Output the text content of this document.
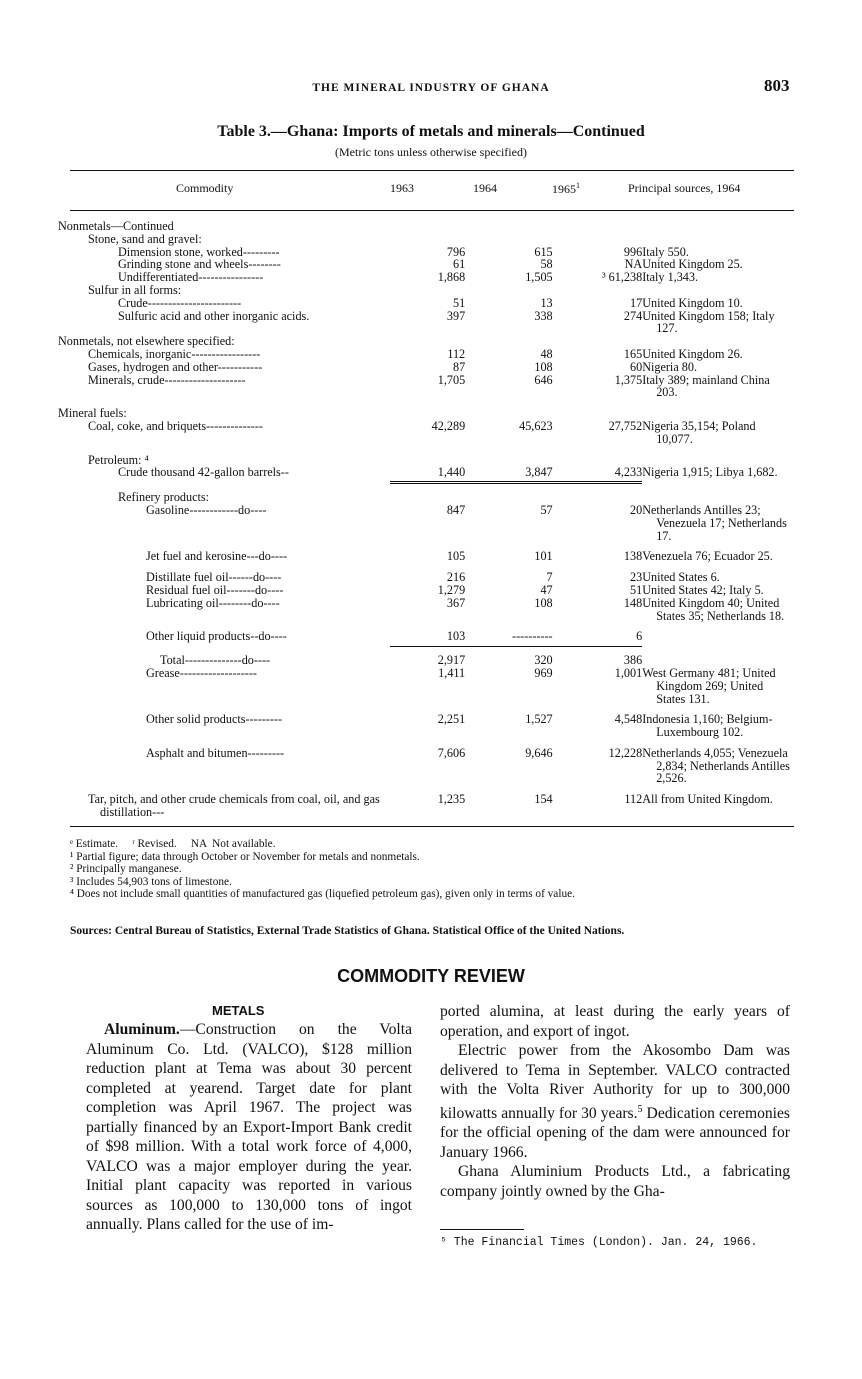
THE MINERAL INDUSTRY OF GHANA	803
Table 3.—Ghana: Imports of metals and minerals—Continued
(Metric tons unless otherwise specified)
Commodity	1963	1964	1965$^1$	Principal sources, 1964
Nonmetals—Continued				

Stone, sand and gravel:				

Dimension stone, worked---------	796	615	996	Italy 550.

Grinding stone and wheels--------	61	58	NA	United Kingdom 25.

Undifferentiated----------------	1,868	1,505	³ 61,238	Italy 1,343.

Sulfur in all forms:				

Crude-----------------------	51	13	17	United Kingdom 10.

Sulfuric acid and other inorganic acids.	397	338	274	United Kingdom 158; Italy 127.

Nonmetals, not elsewhere specified:				

Chemicals, inorganic-----------------	112	48	165	United Kingdom 26.

Gases, hydrogen and other-----------	87	108	60	Nigeria 80.

Minerals, crude--------------------	1,705	646	1,375	Italy 389; mainland China 203.

Mineral fuels:				

Coal, coke, and briquets--------------	42,289	45,623	27,752	Nigeria 35,154; Poland 10,077.

Petroleum: ⁴				

Crude thousand 42-gallon barrels--	1,440	3,847	4,233	Nigeria 1,915; Libya 1,682.

Refinery products:				

Gasoline------------do----	847	57	20	Netherlands Antilles 23; Venezuela 17; Netherlands 17.

Jet fuel and kerosine---do----	105	101	138	Venezuela 76; Ecuador 25.

Distillate fuel oil------do----	216	7	23	United States 6.

Residual fuel oil-------do----	1,279	47	51	United States 42; Italy 5.

Lubricating oil--------do----	367	108	148	United Kingdom 40; United States 35; Netherlands 18.

Other liquid products--do----	103	----------	6	

Total--------------do----	2,917	320	386	

Grease-------------------	1,411	969	1,001	West Germany 481; United Kingdom 269; United States 131.

Other solid products---------	2,251	1,527	4,548	Indonesia 1,160; Belgium-Luxembourg 102.

Asphalt and bitumen---------	7,606	9,646	12,228	Netherlands 4,055; Venezuela 2,834; Netherlands Antilles 2,526.

Tar, pitch, and other crude chemicals from coal, oil, and gas distillation---	1,235	154	112	All from United Kingdom.
ᵉ Estimate.     ʳ Revised.     NA  Not available.
¹ Partial figure; data through October or November for metals and nonmetals.
² Principally manganese.
³ Includes 54,903 tons of limestone.
⁴ Does not include small quantities of manufactured gas (liquefied petroleum gas), given only in terms of value.
Sources: Central Bureau of Statistics, External Trade Statistics of Ghana. Statistical Office of the United Nations.
COMMODITY REVIEW
METALS

Aluminum.—Construction on the Volta Aluminum Co. Ltd. (VALCO), $128 million reduction plant at Tema was about 30 percent completed at yearend. Target date for plant completion was April 1967. The project was partially financed by an Export-Import Bank credit of $98 million. With a total work force of 4,000, VALCO was a major employer during the year. Initial plant capacity was reported in various sources as 100,000 to 130,000 tons of ingot annually. Plans called for the use of im-

ported alumina, at least during the early years of operation, and export of ingot.

Electric power from the Akosombo Dam was delivered to Tema in September. VALCO contracted with the Volta River Authority for up to 300,000 kilowatts annually for 30 years.$^5$ Dedication ceremonies for the official opening of the dam were announced for January 1966.

Ghana Aluminium Products Ltd., a fabricating company jointly owned by the Gha-

⁵ The Financial Times (London). Jan. 24, 1966.
